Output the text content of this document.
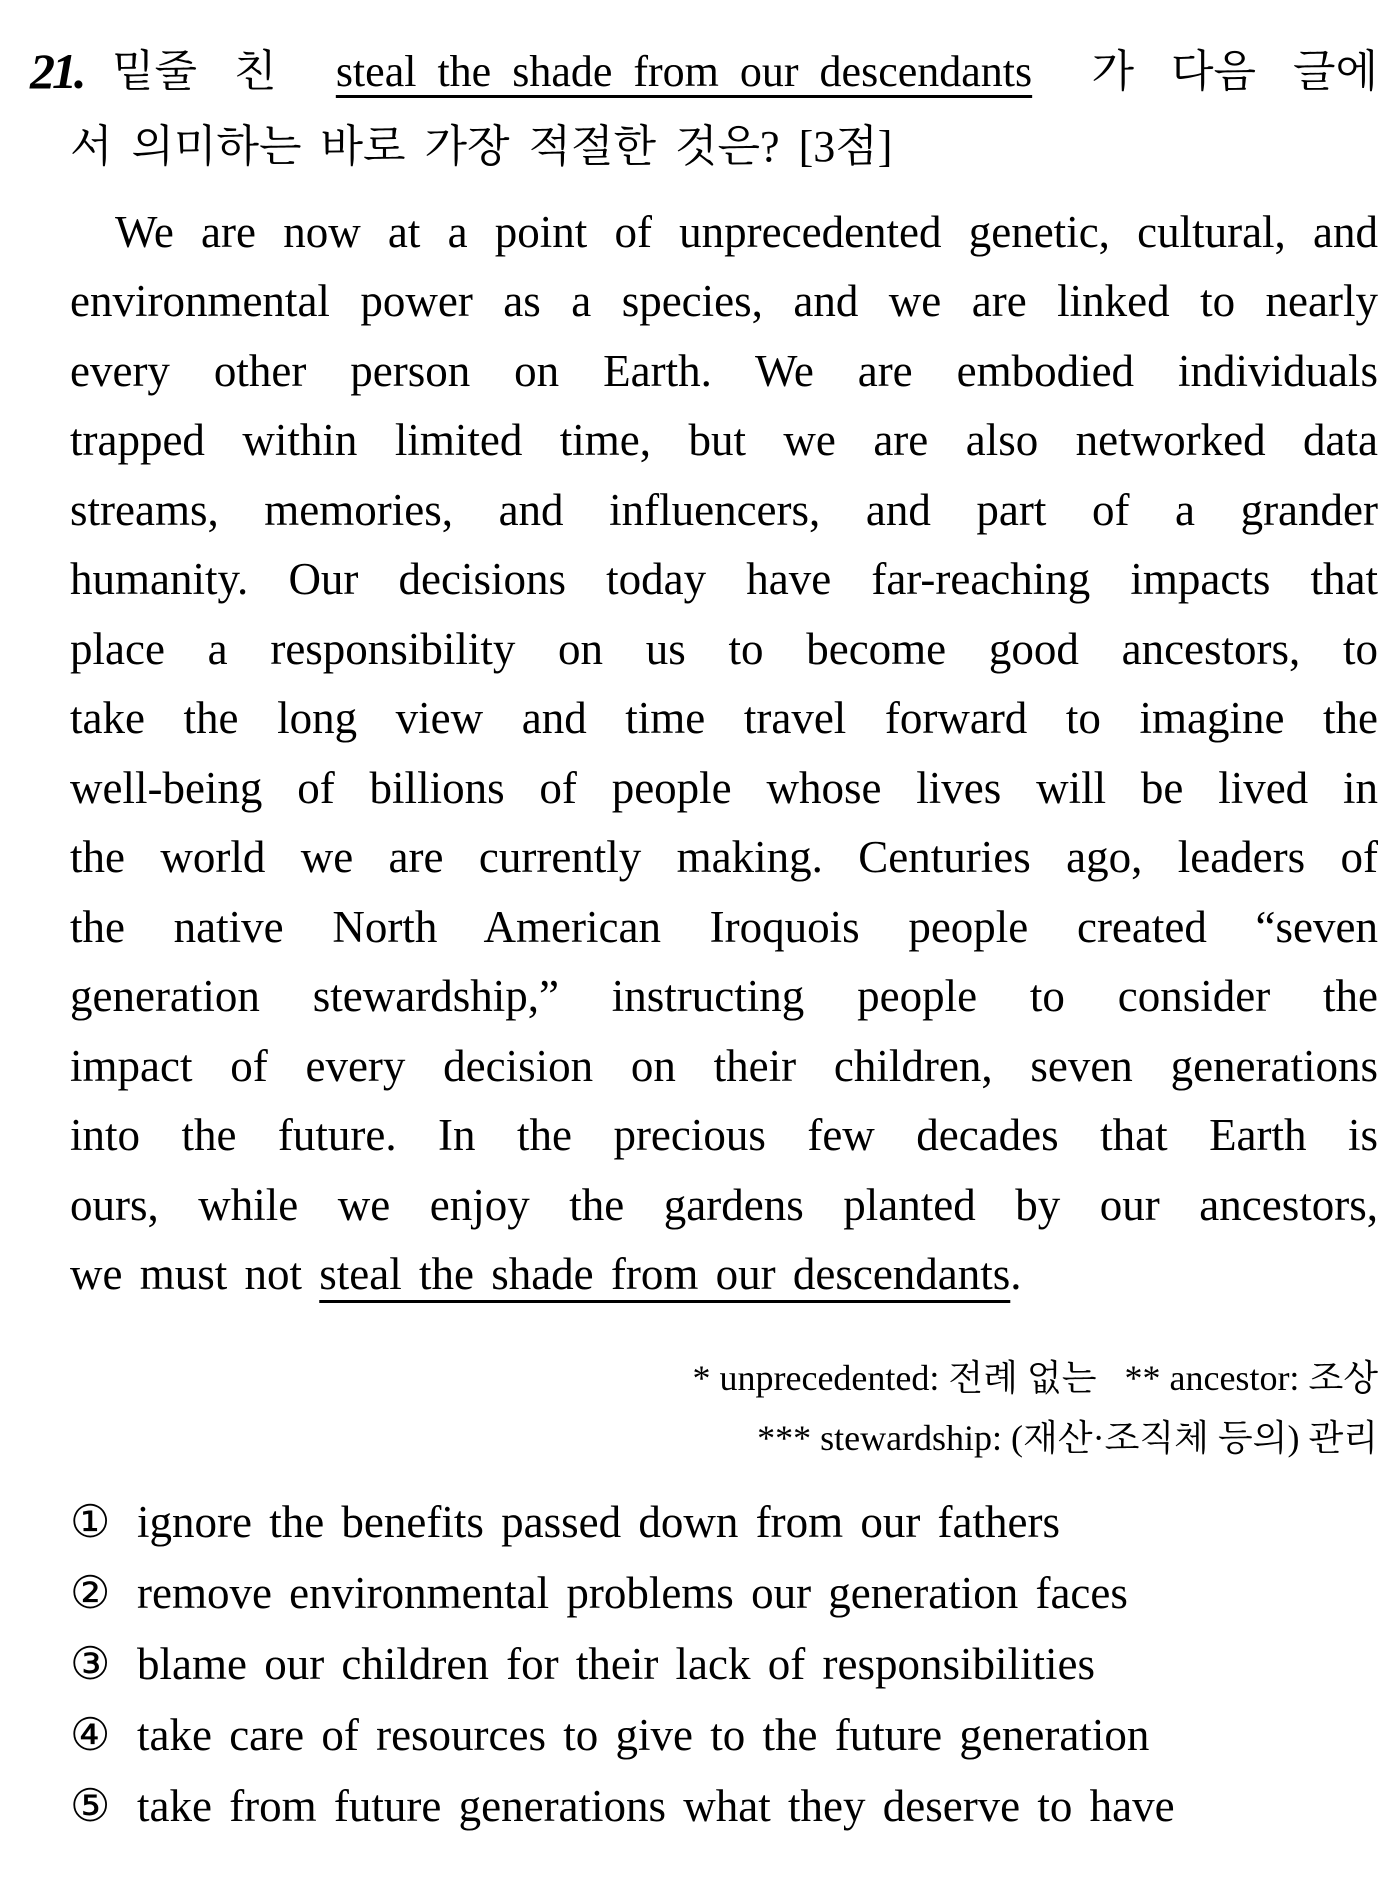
21. 밑줄 친 steal the shade from our descendants 가 다음 글에
서 의미하는 바로 가장 적절한 것은? [3점]
We are now at a point of unprecedented genetic, cultural, and
environmental power as a species, and we are linked to nearly
every other person on Earth. We are embodied individuals
trapped within limited time, but we are also networked data
streams, memories, and influencers, and part of a grander
humanity. Our decisions today have far-reaching impacts that
place a responsibility on us to become good ancestors, to
take the long view and time travel forward to imagine the
well-being of billions of people whose lives will be lived in
the world we are currently making. Centuries ago, leaders of
the native North American Iroquois people created “seven
generation stewardship,” instructing people to consider the
impact of every decision on their children, seven generations
into the future. In the precious few decades that Earth is
ours, while we enjoy the gardens planted by our ancestors,
we must not steal the shade from our descendants.
* unprecedented: 전례 없는 ** ancestor: 조상
*** stewardship: (재산·조직체 등의) 관리
① ignore the benefits passed down from our fathers
② remove environmental problems our generation faces
③ blame our children for their lack of responsibilities
④ take care of resources to give to the future generation
⑤ take from future generations what they deserve to have
